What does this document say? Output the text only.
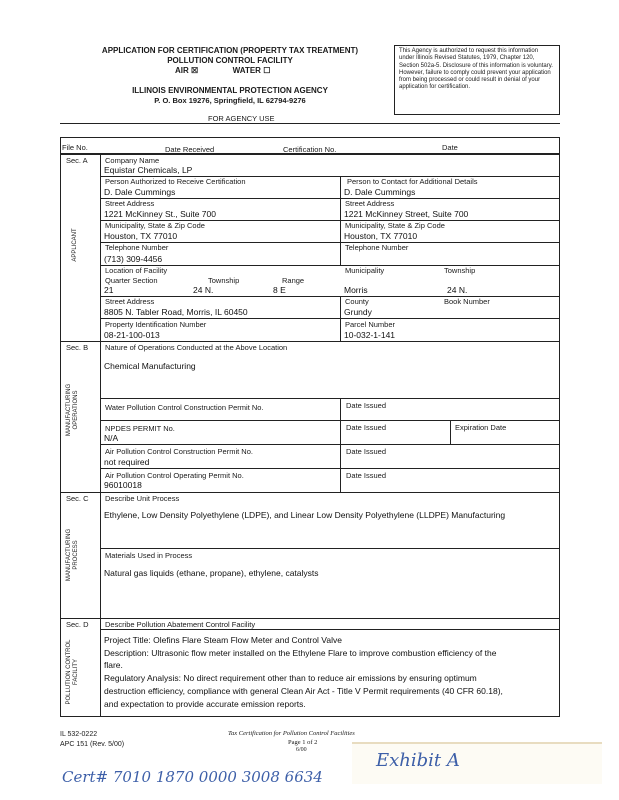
APPLICATION FOR CERTIFICATION (PROPERTY TAX TREATMENT)
POLLUTION CONTROL FACILITY
AIR ☒	WATER ☐
ILLINOIS ENVIRONMENTAL PROTECTION AGENCY
P. O. Box 19276, Springfield, IL 62794-9276
This Agency is authorized to request this information under Illinois Revised Statutes, 1979, Chapter 120, Section 502a-5. Disclosure of this information is voluntary. However, failure to comply could prevent your application from being processed or could result in denial of your application for certification.
FOR AGENCY USE
File No.	Date Received	Certification No.	Date
Sec. A
APPLICANT
Company Name
Equistar Chemicals, LP
Person Authorized to Receive Certification	Person to Contact for Additional Details
D. Dale Cummings	D. Dale Cummings
Street Address	Street Address
1221 McKinney St., Suite 700	1221 McKinney Street, Suite 700
Municipality, State & Zip Code	Municipality, State & Zip Code
Houston, TX 77010	Houston, TX 77010
Telephone Number	Telephone Number
(713) 309-4456
Location of Facility	Municipality	Township
Quarter Section	Township	Range
21	24 N.	8 E	Morris	24 N.
Street Address	County	Book Number
8805 N. Tabler Road, Morris, IL 60450	Grundy
Property Identification Number	Parcel Number
08-21-100-013	10-032-1-141
Sec. B
MANUFACTURING OPERATIONS
Nature of Operations Conducted at the Above Location
Chemical Manufacturing
Water Pollution Control Construction Permit No.	Date Issued
NPDES PERMIT No.	Date Issued	Expiration Date
N/A
Air Pollution Control Construction Permit No.	Date Issued
not required
Air Pollution Control Operating Permit No.	Date Issued
96010018
Sec. C
MANUFACTURING PROCESS
Describe Unit Process
Ethylene, Low Density Polyethylene (LDPE), and Linear Low Density Polyethylene (LLDPE) Manufacturing
Materials Used in Process
Natural gas liquids (ethane, propane), ethylene, catalysts
Sec. D
POLLUTION CONTROL FACILITY
Describe Pollution Abatement Control Facility
Project Title: Olefins Flare Steam Flow Meter and Control Valve
Description: Ultrasonic flow meter installed on the Ethylene Flare to improve combustion efficiency of the
flare.
Regulatory Analysis: No direct requirement other than to reduce air emissions by ensuring optimum
destruction efficiency, compliance with general Clean Air Act - Title V Permit requirements (40 CFR 60.18),
and expectation to provide accurate emission reports.
IL 532-0222
APC 151 (Rev. 5/00)
Tax Certification for Pollution Control Facilities
Page 1 of 2
6/00	Exhibit A
Cert# 7010 1870 0000 3008 6634
